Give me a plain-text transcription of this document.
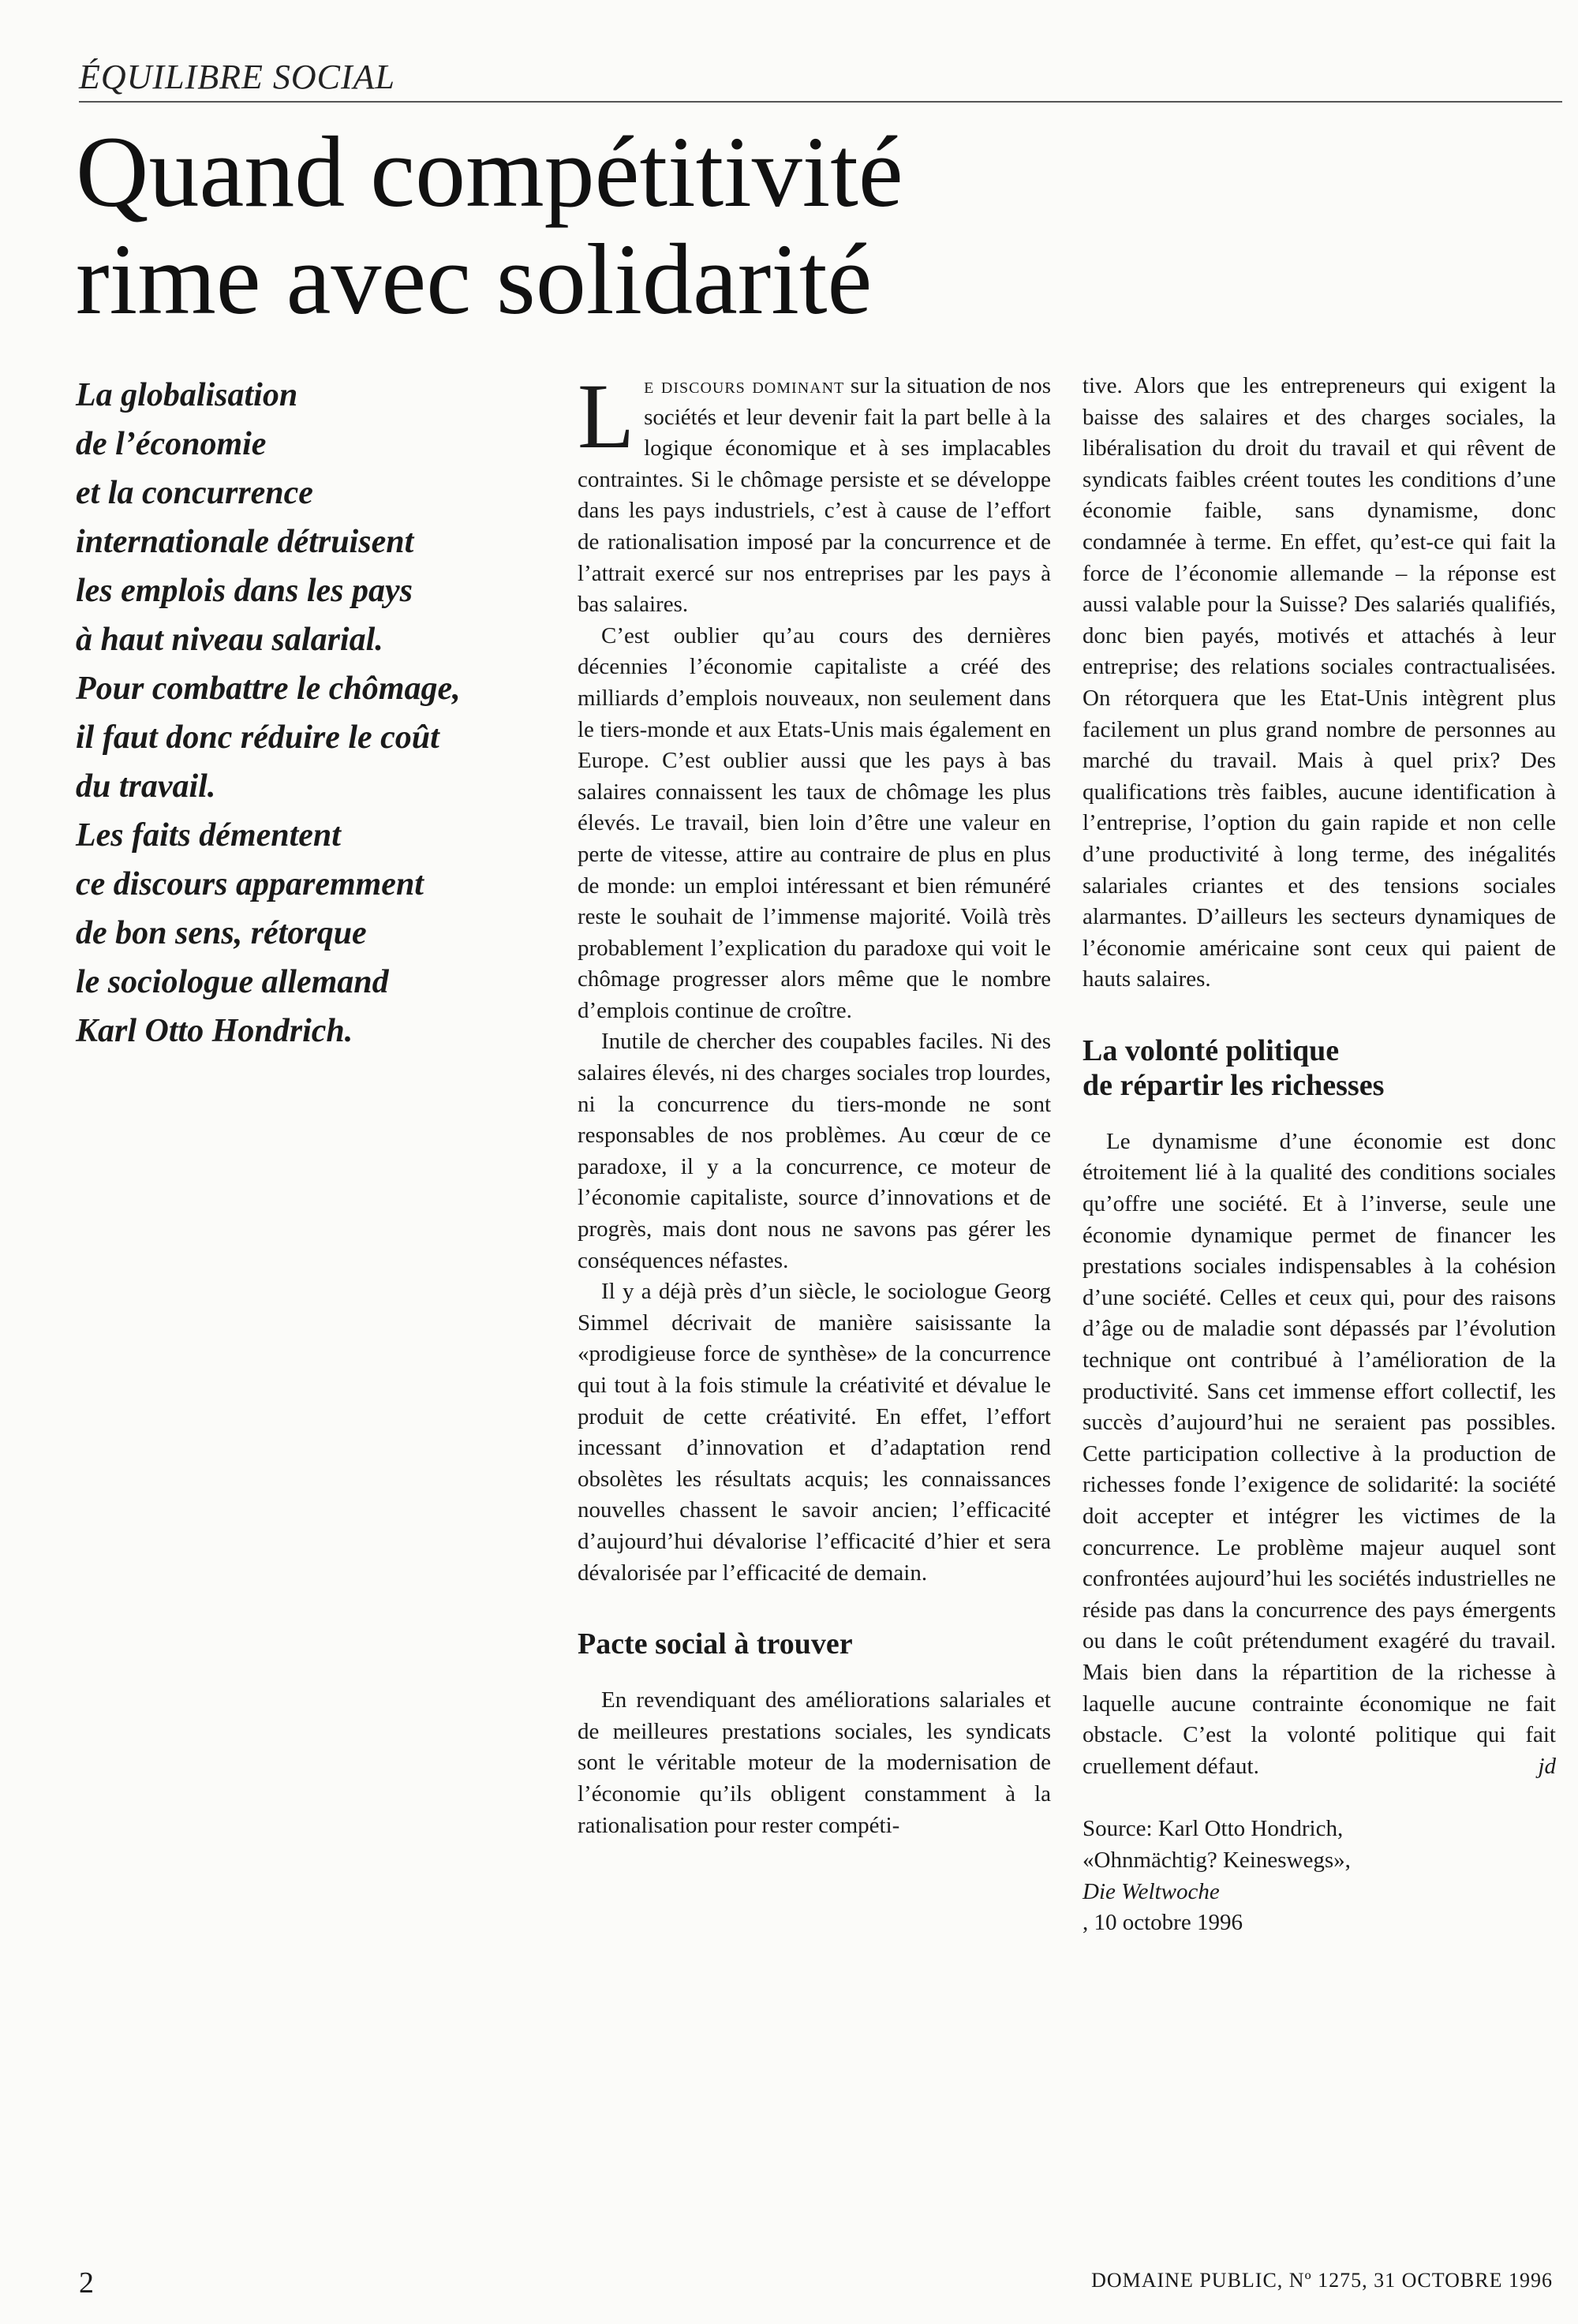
ÉQUILIBRE SOCIAL
Quand compétitivité
rime avec solidarité
La globalisation
de l’économie
et la concurrence
internationale détruisent
les emplois dans les pays
à haut niveau salarial.
Pour combattre le chômage,
il faut donc réduire le coût
du travail.
Les faits démentent
ce discours apparemment
de bon sens, rétorque
le sociologue allemand
Karl Otto Hondrich.

Le discours dominant sur la situation de nos sociétés et leur devenir fait la part belle à la logique économique et à ses implacables contraintes. Si le chômage persiste et se développe dans les pays industriels, c’est à cause de l’effort de rationalisation imposé par la concurrence et de l’attrait exercé sur nos entreprises par les pays à bas salaires.

C’est oublier qu’au cours des dernières décennies l’économie capitaliste a créé des milliards d’emplois nouveaux, non seulement dans le tiers-monde et aux Etats-Unis mais également en Europe. C’est oublier aussi que les pays à bas salaires connaissent les taux de chômage les plus élevés. Le travail, bien loin d’être une valeur en perte de vitesse, attire au contraire de plus en plus de monde: un emploi intéressant et bien rémunéré reste le souhait de l’immense majorité. Voilà très probablement l’explication du paradoxe qui voit le chômage progresser alors même que le nombre d’emplois continue de croître.

Inutile de chercher des coupables faciles. Ni des salaires élevés, ni des charges sociales trop lourdes, ni la concurrence du tiers-monde ne sont responsables de nos problèmes. Au cœur de ce paradoxe, il y a la concurrence, ce moteur de l’économie capitaliste, source d’innovations et de progrès, mais dont nous ne savons pas gérer les conséquences néfastes.

Il y a déjà près d’un siècle, le sociologue Georg Simmel décrivait de manière saisissante la «prodigieuse force de synthèse» de la concurrence qui tout à la fois stimule la créativité et dévalue le produit de cette créativité. En effet, l’effort incessant d’innovation et d’adaptation rend obsolètes les résultats acquis; les connaissances nouvelles chassent le savoir ancien; l’efficacité d’aujourd’hui dévalorise l’efficacité d’hier et sera dévalorisée par l’efficacité de demain.

Pacte social à trouver

En revendiquant des améliorations salariales et de meilleures prestations sociales, les syndicats sont le véritable moteur de la modernisation de l’économie qu’ils obligent constamment à la rationalisation pour rester compéti-

tive. Alors que les entrepreneurs qui exigent la baisse des salaires et des charges sociales, la libéralisation du droit du travail et qui rêvent de syndicats faibles créent toutes les conditions d’une économie faible, sans dynamisme, donc condamnée à terme. En effet, qu’est-ce qui fait la force de l’économie allemande – la réponse est aussi valable pour la Suisse? Des salariés qualifiés, donc bien payés, motivés et attachés à leur entreprise; des relations sociales contractualisées. On rétorquera que les Etat-Unis intègrent plus facilement un plus grand nombre de personnes au marché du travail. Mais à quel prix? Des qualifications très faibles, aucune identification à l’entreprise, l’option du gain rapide et non celle d’une productivité à long terme, des inégalités salariales criantes et des tensions sociales alarmantes. D’ailleurs les secteurs dynamiques de l’économie américaine sont ceux qui paient de hauts salaires.

La volonté politique
de répartir les richesses

Le dynamisme d’une économie est donc étroitement lié à la qualité des conditions sociales qu’offre une société. Et à l’inverse, seule une économie dynamique permet de financer les prestations sociales indispensables à la cohésion d’une société. Celles et ceux qui, pour des raisons d’âge ou de maladie sont dépassés par l’évolution technique ont contribué à l’amélioration de la productivité. Sans cet immense effort collectif, les succès d’aujourd’hui ne seraient pas possibles. Cette participation collective à la production de richesses fonde l’exigence de solidarité: la société doit accepter et intégrer les victimes de la concurrence. Le problème majeur auquel sont confrontées aujourd’hui les sociétés industrielles ne réside pas dans la concurrence des pays émergents ou dans le coût prétendument exagéré du travail. Mais bien dans la répartition de la richesse à laquelle aucune contrainte économique ne fait obstacle. C’est la volonté politique qui fait cruellement défaut.	jd

Source: Karl Otto Hondrich,
«Ohnmächtig? Keineswegs»,
Die Weltwoche
, 10 octobre 1996
2	DOMAINE PUBLIC, Nº 1275, 31 OCTOBRE 1996
